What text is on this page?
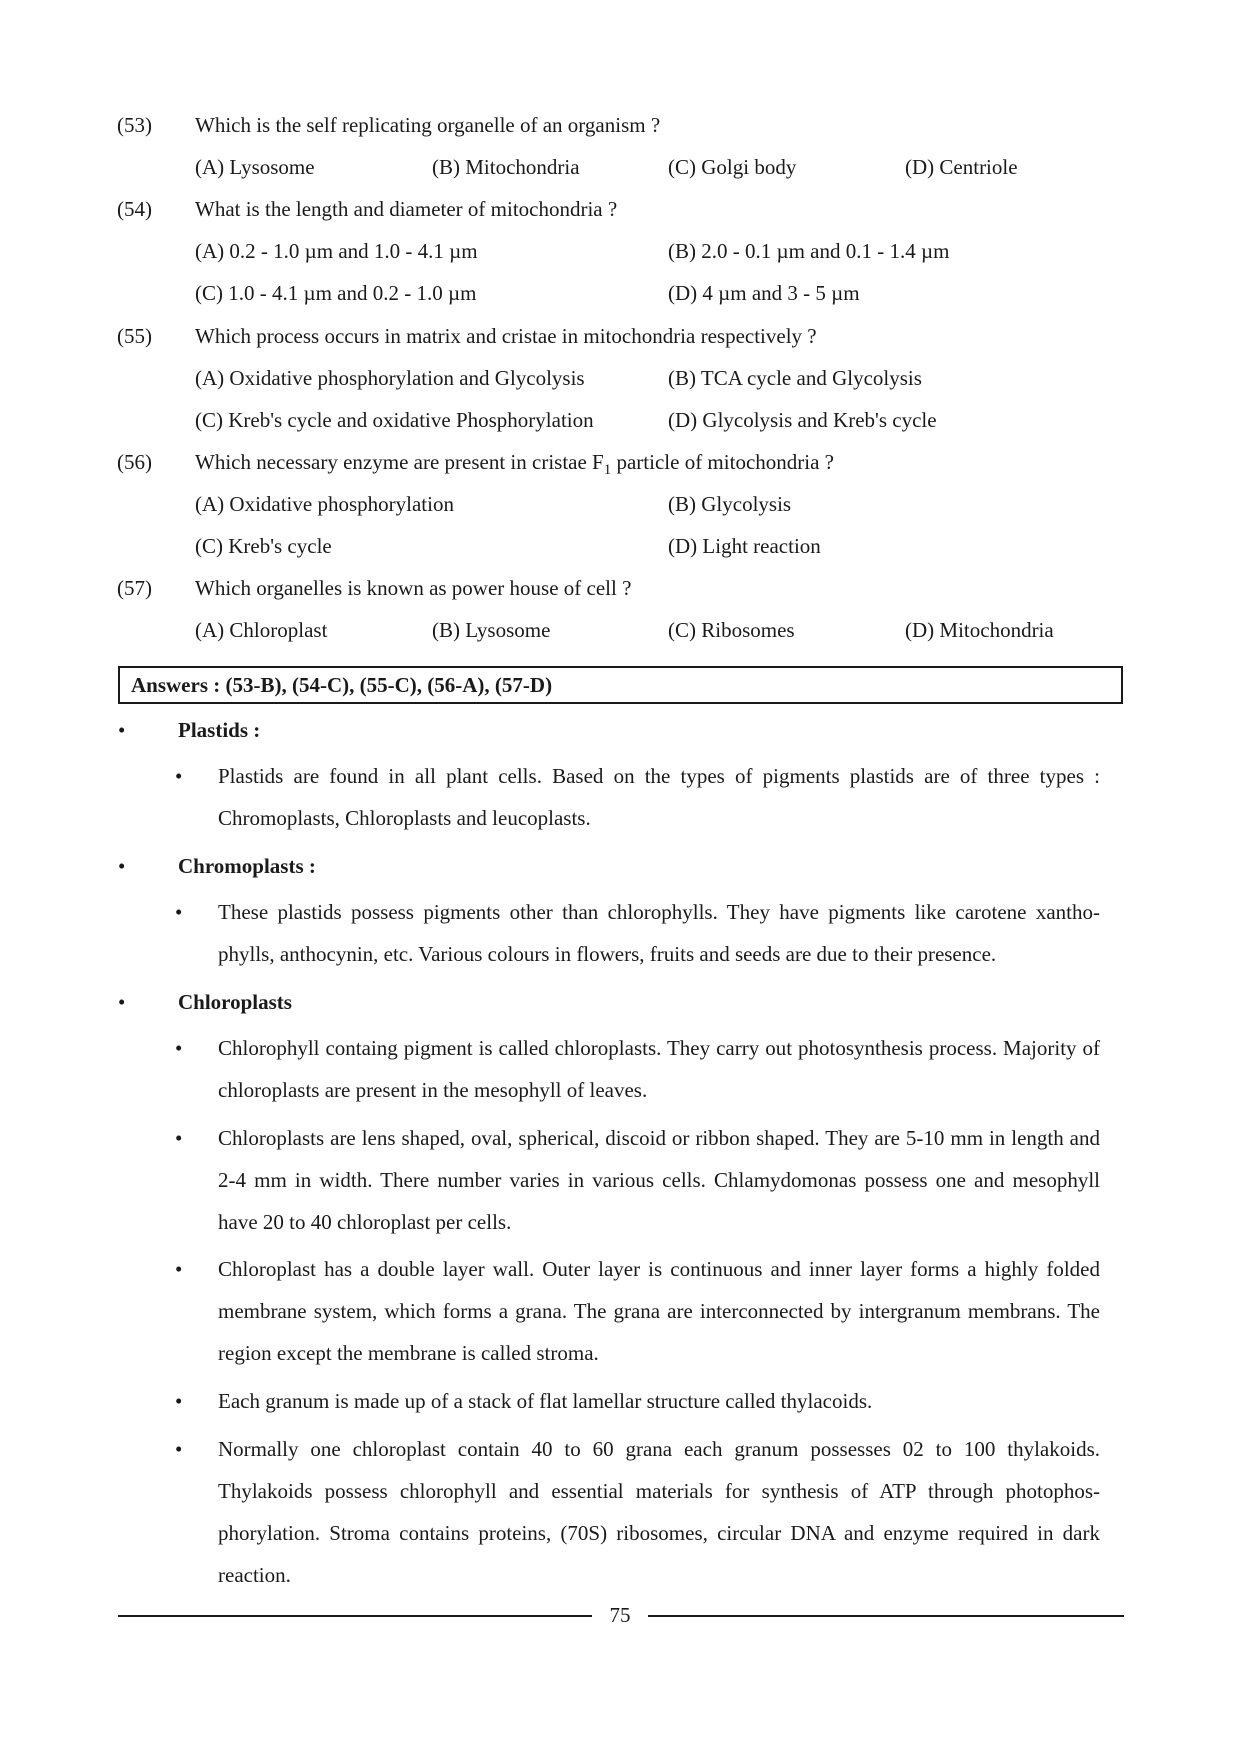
(53) Which is the self replicating organelle of an organism ?
(A) Lysosome	(B) Mitochondria	(C) Golgi body	(D) Centriole
(54) What is the length and diameter of mitochondria ?
(A) 0.2 - 1.0 µm and 1.0 - 4.1 µm	(B) 2.0 - 0.1 µm and 0.1 - 1.4 µm
(C) 1.0 - 4.1 µm and 0.2 - 1.0 µm	(D) 4 µm and 3 - 5 µm
(55) Which process occurs in matrix and cristae in mitochondria respectively ?
(A) Oxidative phosphorylation and Glycolysis	(B) TCA cycle and Glycolysis
(C) Kreb's cycle and oxidative Phosphorylation	(D) Glycolysis and Kreb's cycle
(56) Which necessary enzyme are present in cristae $F_1$ particle of mitochondria ?
(A) Oxidative phosphorylation	(B) Glycolysis
(C) Kreb's cycle	(D) Light reaction
(57) Which organelles is known as power house of cell ?
(A) Chloroplast	(B) Lysosome	(C) Ribosomes	(D) Mitochondria
Answers : (53-B), (54-C), (55-C), (56-A), (57-D)
•	Plastids :
• Plastids are found in all plant cells. Based on the types of pigments plastids are of three types : Chromoplasts, Chloroplasts and leucoplasts.
•	Chromoplasts :
• These plastids possess pigments other than chlorophylls. They have pigments like carotene xantho-phylls, anthocynin, etc. Various colours in flowers, fruits and seeds are due to their presence.
•	Chloroplasts
• Chlorophyll containg pigment is called chloroplasts. They carry out photosynthesis process. Majority of chloroplasts are present in the mesophyll of leaves.
• Chloroplasts are lens shaped, oval, spherical, discoid or ribbon shaped. They are 5-10 mm in length and 2-4 mm in width. There number varies in various cells. Chlamydomonas possess one and mesophyll have 20 to 40 chloroplast per cells.
• Chloroplast has a double layer wall. Outer layer is continuous and inner layer forms a highly folded membrane system, which forms a grana. The grana are interconnected by intergranum membrans. The region except the membrane is called stroma.
• Each granum is made up of a stack of flat lamellar structure called thylacoids.
• Normally one chloroplast contain 40 to 60 grana each granum possesses 02 to 100 thylakoids. Thylakoids possess chlorophyll and essential materials for synthesis of ATP through photophos-phorylation. Stroma contains proteins, (70S) ribosomes, circular DNA and enzyme required in dark reaction.
75
